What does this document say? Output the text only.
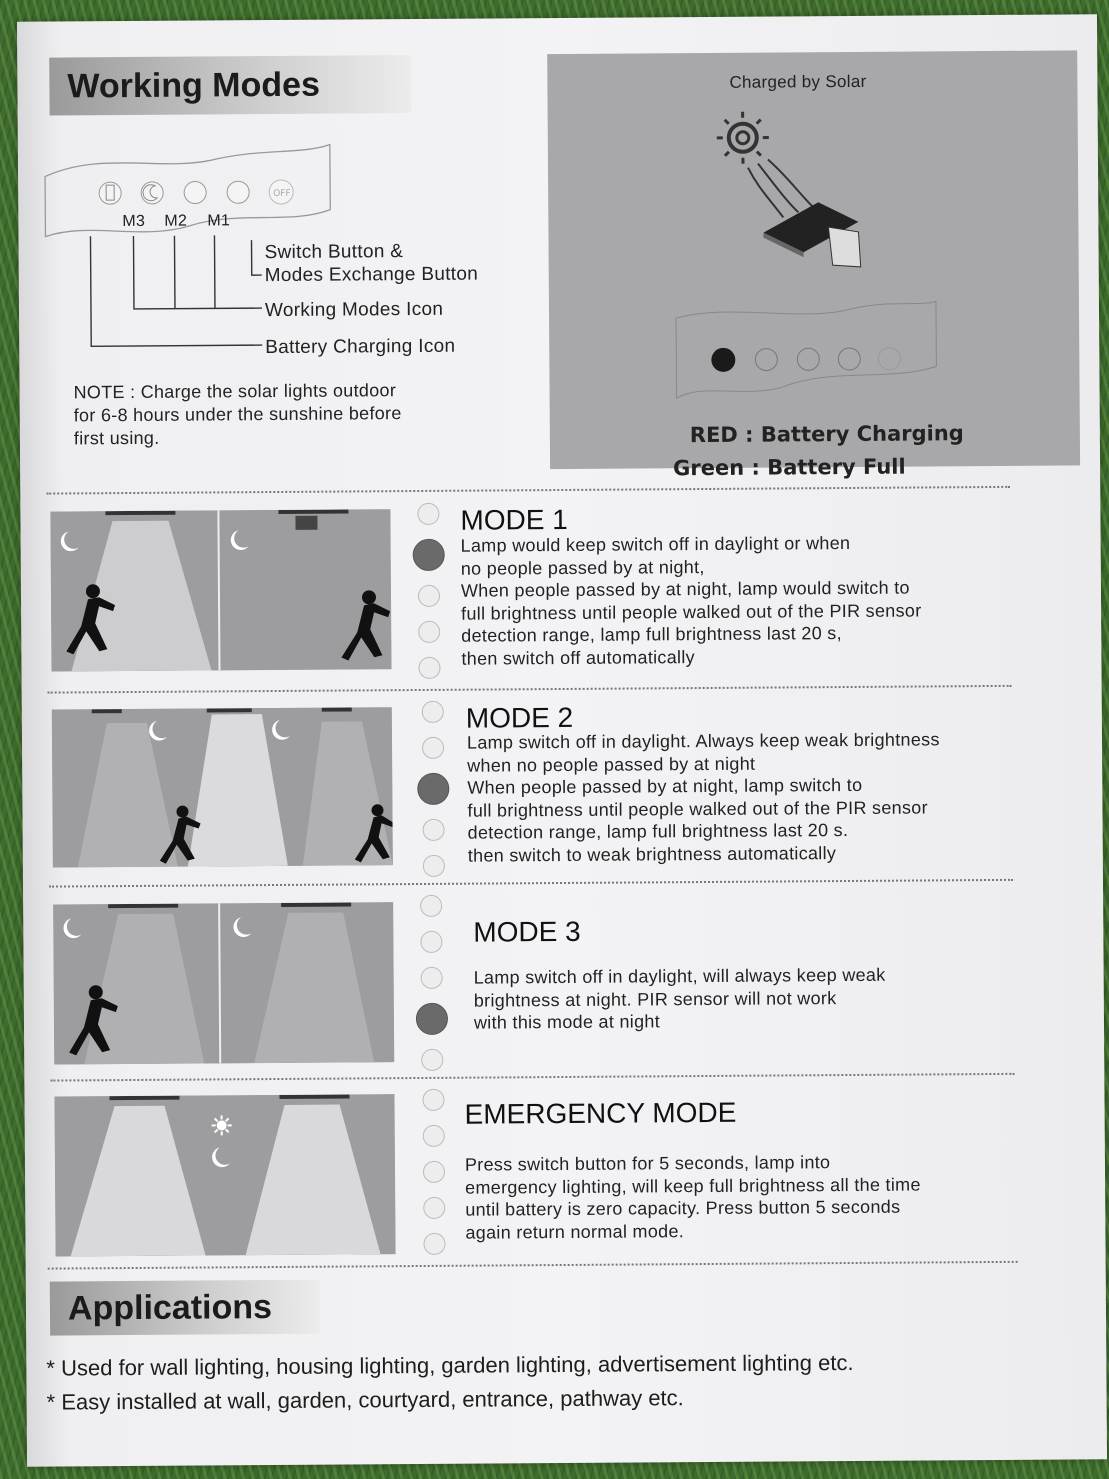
Working Modes
OFF
M3 M2 M1
Switch Button &
Modes Exchange Button
Working Modes Icon
Battery Charging Icon
NOTE : Charge the solar lights outdoor
for 6-8 hours under the sunshine before
first using.
Charged by Solar
RED : Battery Charging
Green : Battery Full
MODE 1
Lamp would keep switch off in daylight or when
no people passed by at night,
When people passed by at night, lamp would switch to
full brightness until people walked out of the PIR sensor
detection range, lamp full brightness last 20 s,
then switch off automatically
MODE 2
Lamp switch off in daylight. Always keep weak brightness
when no people passed by at night
When people passed by at night, lamp switch to
full brightness until people walked out of the PIR sensor
detection range, lamp full brightness last 20 s.
then switch to weak brightness automatically
MODE 3
Lamp switch off in daylight, will always keep weak
brightness at night. PIR sensor will not work
with this mode at night
EMERGENCY MODE
Press switch button for 5 seconds, lamp into
emergency lighting, will keep full brightness all the time
until battery is zero capacity. Press button 5 seconds
again return normal mode.
Applications
* Used for wall lighting, housing lighting, garden lighting, advertisement lighting etc.
* Easy installed at wall, garden, courtyard, entrance, pathway etc.
